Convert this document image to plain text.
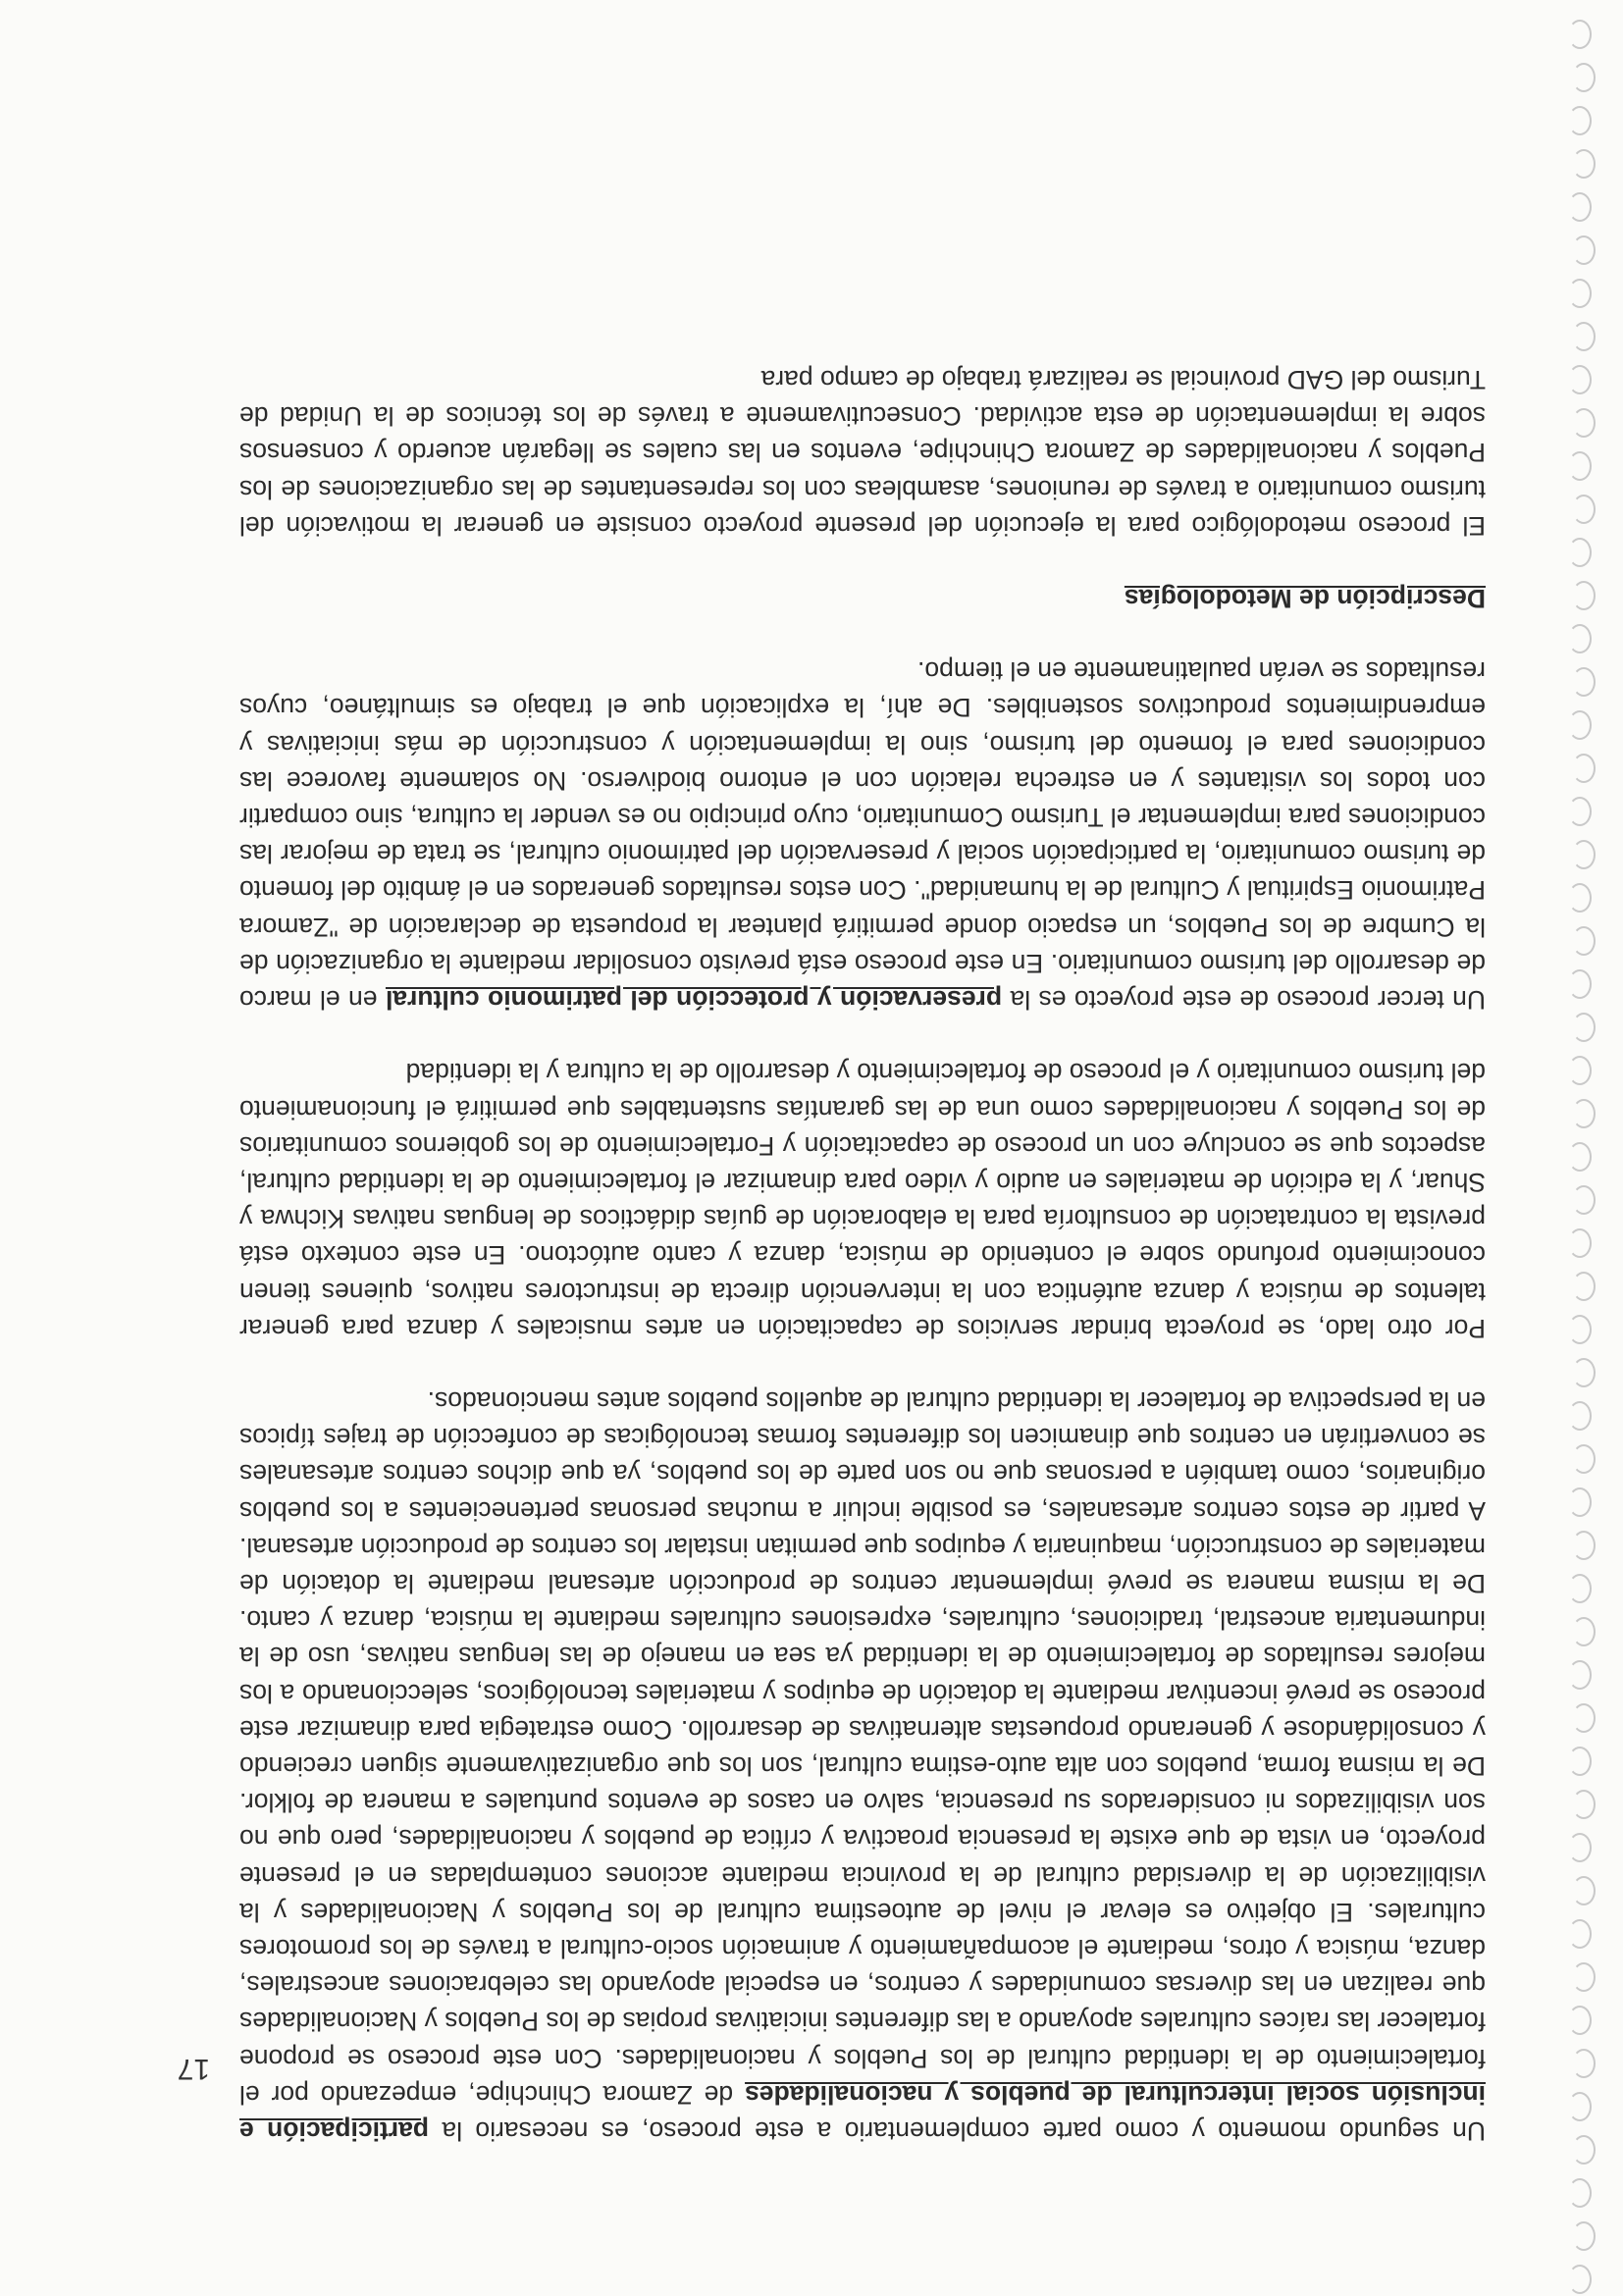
17

Un segundo momento y como parte complementario a este proceso, es necesario la participación e inclusión social intercultural de pueblos y nacionalidades de Zamora Chinchipe, empezando por el fortalecimiento de la identidad cultural de los Pueblos y nacionalidades. Con este proceso se propone fortalecer las raíces culturales apoyando a las diferentes iniciativas propias de los Pueblos y Nacionalidades que realizan en las diversas comunidades y centros, en especial apoyando las celebraciones ancestrales, danza, música y otros, mediante el acompañamiento y animación socio-cultural a través de los promotores culturales. El objetivo es elevar el nivel de autoestima cultural de los Pueblos y Nacionalidades y la visibilización de la diversidad cultural de la provincia mediante acciones contempladas en el presente proyecto, en vista de que existe la presencia proactiva y crítica de pueblos y nacionalidades, pero que no son visibilizados ni considerados su presencia, salvo en casos de eventos puntuales a manera de folklor. De la misma forma, pueblos con alta auto-estima cultural, son los que organizativamente siguen creciendo y consolidándose y generando propuestas alternativas de desarrollo. Como estrategia para dinamizar este proceso se prevé incentivar mediante la dotación de equipos y materiales tecnológicos, seleccionando a los mejores resultados de fortalecimiento de la identidad ya sea en manejo de las lenguas nativas, uso de la indumentaria ancestral, tradiciones, culturales, expresiones culturales mediante la música, danza y canto. De la misma manera se prevé implementar centros de producción artesanal mediante la dotación de materiales de construcción, maquinaria y equipos que permitan instalar los centros de producción artesanal. A partir de estos centros artesanales, es posible incluir a muchas personas pertenecientes a los pueblos originarios, como también a personas que no son parte de los pueblos, ya que dichos centros artesanales se convertirán en centros que dinamicen los diferentes formas tecnológicas de confección de trajes típicos en la perspectiva de fortalecer la identidad cultural de aquellos pueblos antes mencionados.

Por otro lado, se proyecta brindar servicios de capacitación en artes musicales y danza para generar talentos de música y danza auténtica con la intervención directa de instructores nativos, quienes tienen conocimiento profundo sobre el contenido de música, danza y canto autóctono. En este contexto está prevista la contratación de consultoría para la elaboración de guías didácticos de lenguas nativas Kichwa y Shuar, y la edición de materiales en audio y video para dinamizar el fortalecimiento de la identidad cultural, aspectos que se concluye con un proceso de capacitación y Fortalecimiento de los gobiernos comunitarios de los Pueblos y nacionalidades como una de las garantías sustentables que permitirá el funcionamiento del turismo comunitario y el proceso de fortalecimiento y desarrollo de la cultura y la identidad

Un tercer proceso de este proyecto es la preservación y protección del patrimonio cultural en el marco de desarrollo del turismo comunitario. En este proceso está previsto consolidar mediante la organización de la Cumbre de los Pueblos, un espacio donde permitirá plantear la propuesta de declaración de "Zamora Patrimonio Espiritual y Cultural de la humanidad". Con estos resultados generados en el ámbito del fomento de turismo comunitario, la participación social y preservación del patrimonio cultural, se trata de mejorar las condiciones para implementar el Turismo Comunitario, cuyo principio no es vender la cultura, sino compartir con todos los visitantes y en estrecha relación con el entorno biodiverso. No solamente favorece las condiciones para el fomento del turismo, sino la implementación y construcción de más iniciativas y emprendimientos productivos sostenibles. De ahí, la explicación que el trabajo es simultáneo, cuyos resultados se verán paulatinamente en el tiempo.

Descripción de Metodologías

El proceso metodológico para la ejecución del presente proyecto consiste en generar la motivación del turismo comunitario a través de reuniones, asambleas con los representantes de las organizaciones de los Pueblos y nacionalidades de Zamora Chinchipe, eventos en las cuales se llegarán acuerdo y consensos sobre la implementación de esta actividad. Consecutivamente a través de los técnicos de la Unidad de Turismo del GAD provincial se realizará trabajo de campo para
